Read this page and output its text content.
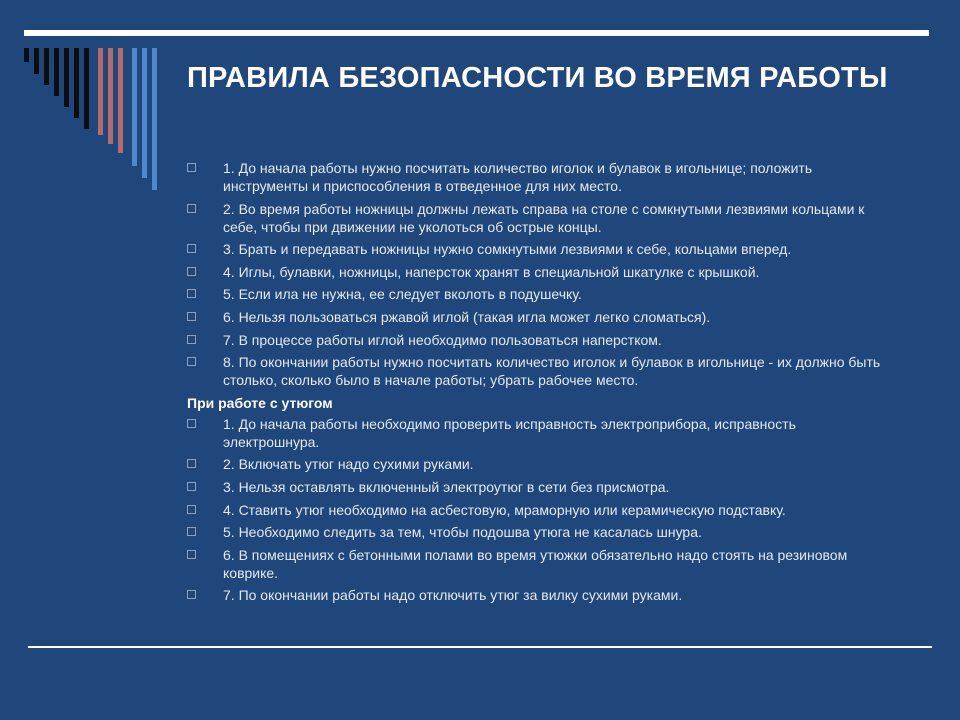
ПРАВИЛА БЕЗОПАСНОСТИ ВО ВРЕМЯ РАБОТЫ
1. До начала работы нужно посчитать количество иголок и булавок в игольнице; положить инструменты и приспособления в отведенное для них место.
2. Во время работы ножницы должны лежать справа на столе с сомкнутыми лезвиями кольцами к себе, чтобы при движении не уколоться об острые концы.
3. Брать и передавать ножницы нужно сомкнутыми лезвиями к себе, кольцами вперед.
4. Иглы, булавки, ножницы, наперсток хранят в специальной шкатулке с крышкой.
5. Если ила не нужна, ее следует вколоть в подушечку.
6. Нельзя пользоваться ржавой иглой (такая игла может легко сломаться).
7. В процессе работы иглой необходимо пользоваться наперстком.
8. По окончании работы нужно посчитать количество иголок и булавок в игольнице - их должно быть столько, сколько было в начале работы; убрать рабочее место.
При работе с утюгом
1. До начала работы необходимо проверить исправность электроприбора, исправность электрошнура.
2. Включать утюг надо сухими руками.
3. Нельзя оставлять включенный электроутюг в сети без присмотра.
4. Ставить утюг необходимо на асбестовую, мраморную или керамическую подставку.
5. Необходимо следить за тем, чтобы подошва утюга не касалась шнура.
6. В помещениях с бетонными полами во время утюжки обязательно надо стоять на резиновом коврике.
7. По окончании работы надо отключить утюг за вилку сухими руками.
